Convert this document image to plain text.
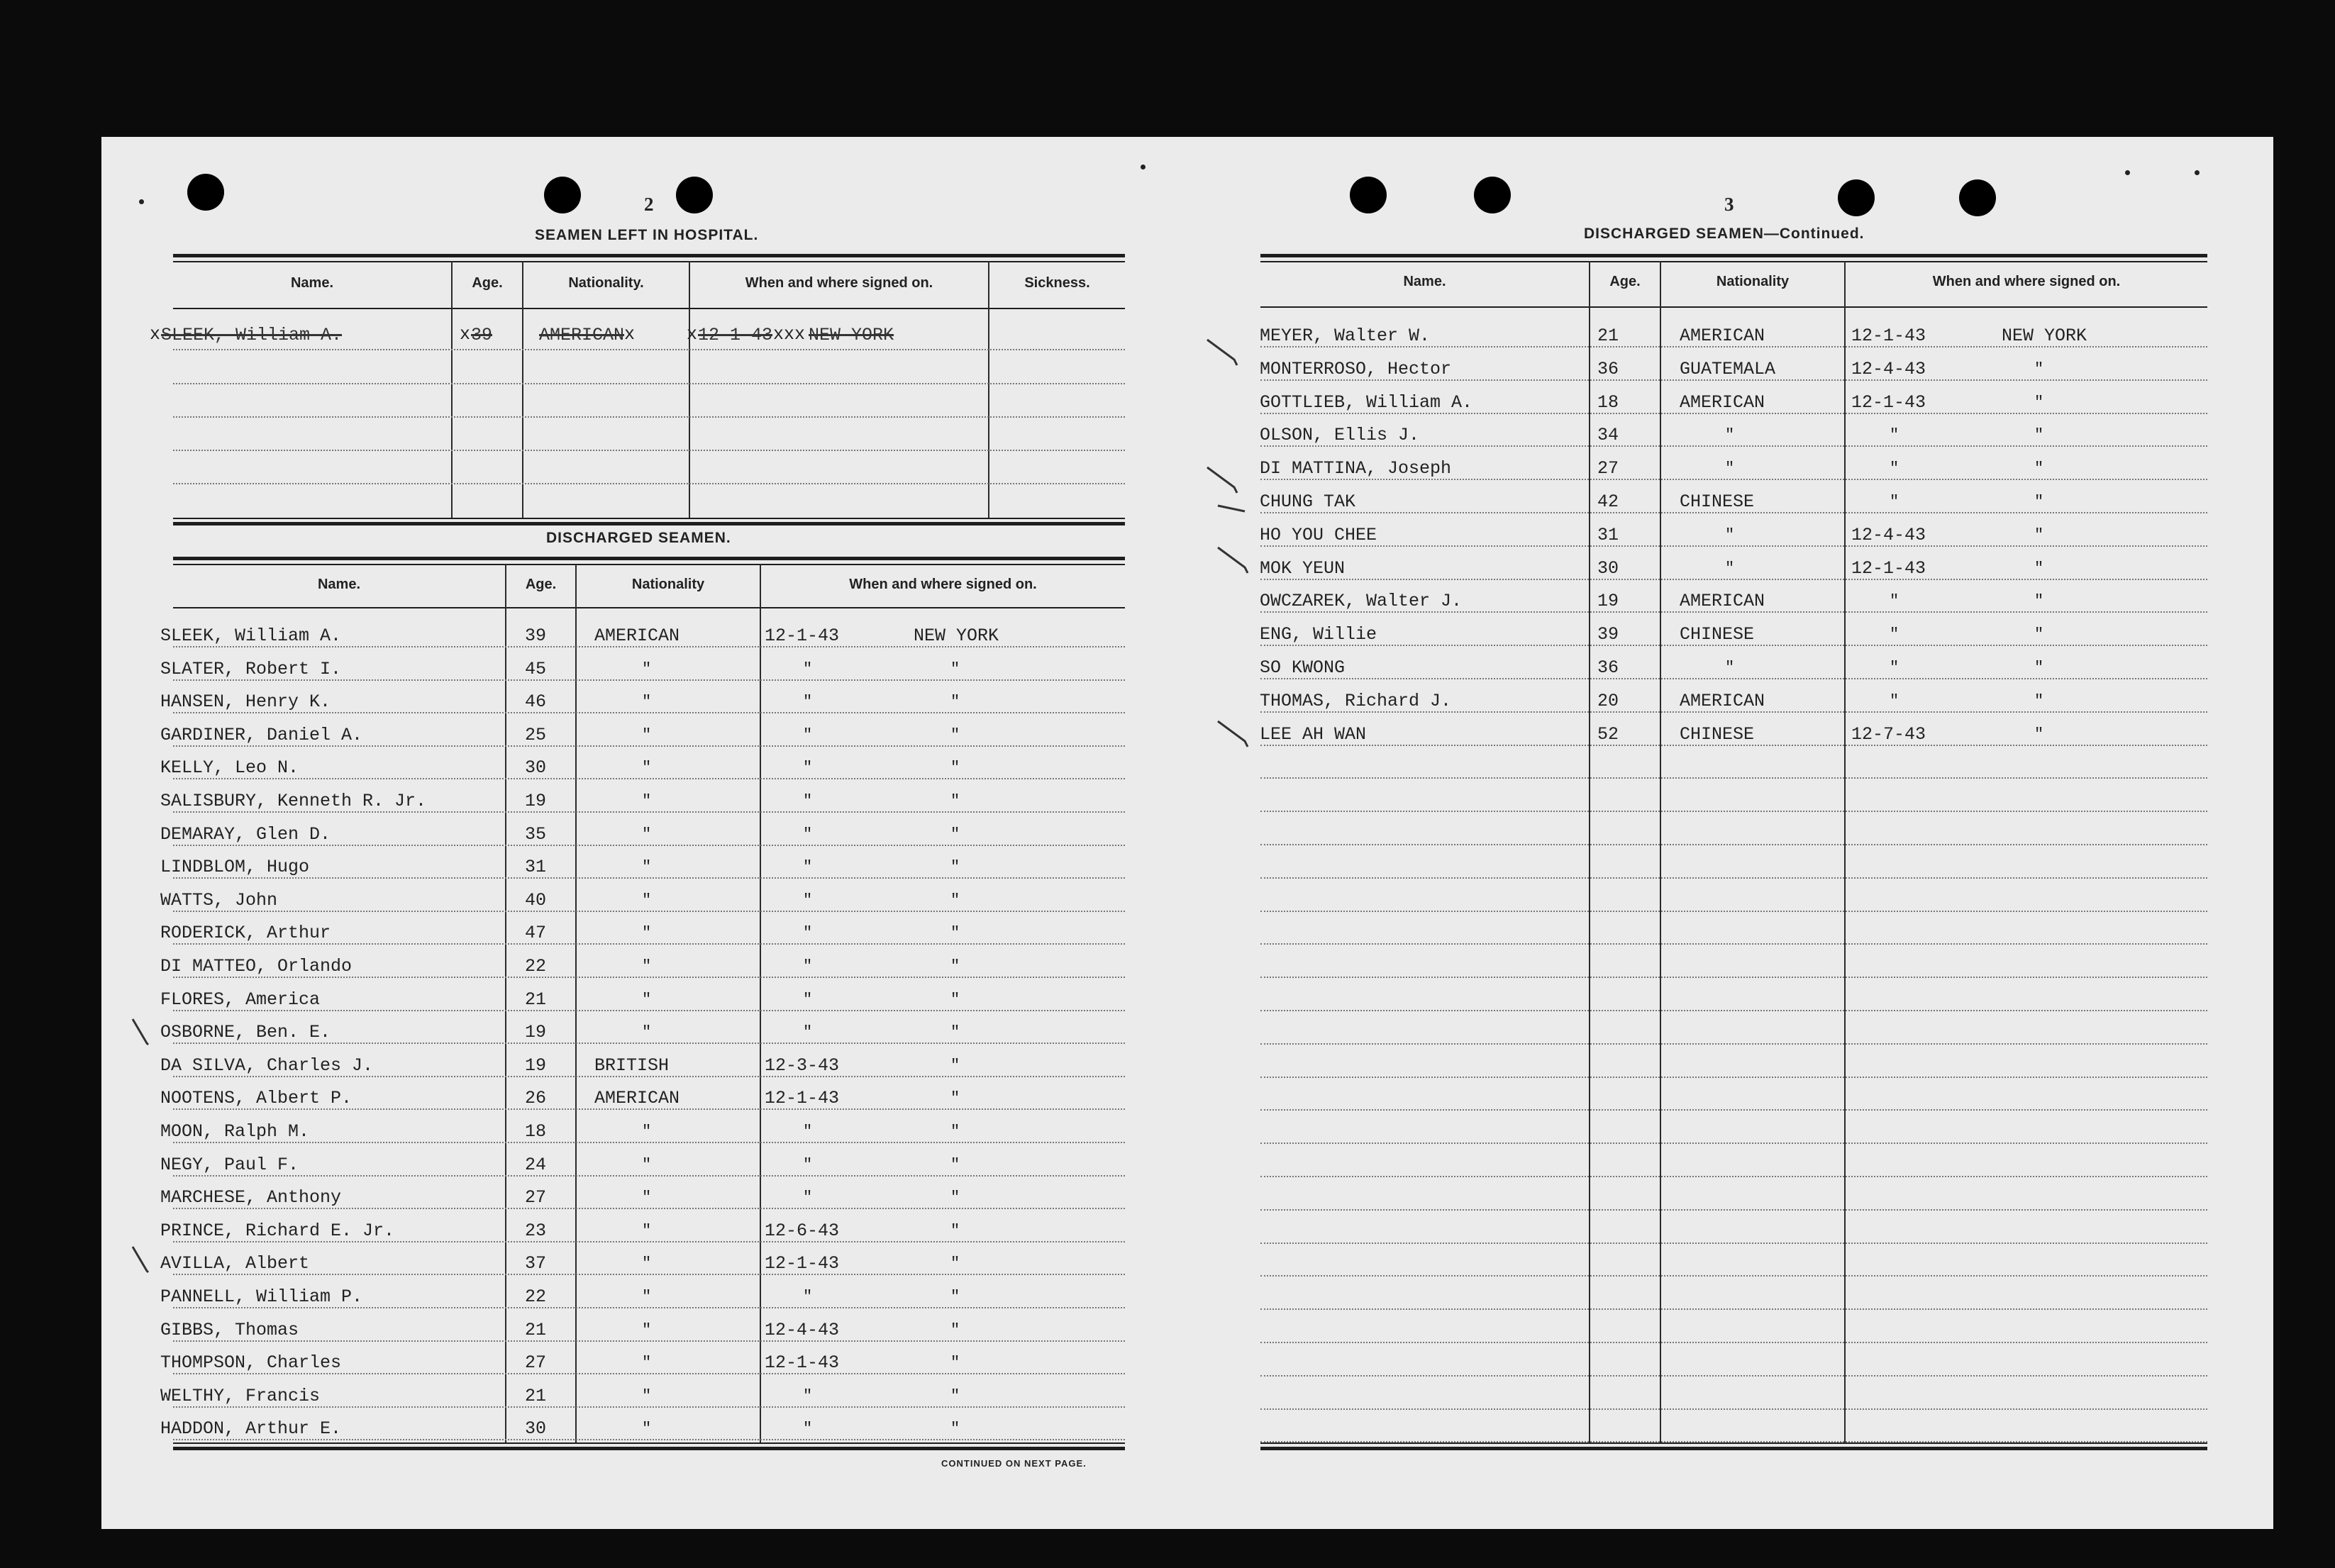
2
SEAMEN LEFT IN HOSPITAL.
Name.	Age.	Nationality.	When and where signed on.	Sickness.
x SLEEK, William A.	x 39	AMERICAN x	x 12-1-43 xxx NEW YORK
DISCHARGED SEAMEN.
Name.	Age.	Nationality	When and where signed on.
SLEEK, William A.	39	AMERICAN	12-1-43	NEW YORK
SLATER, Robert I.	45	"	"	"
HANSEN, Henry K.	46	"	"	"
GARDINER, Daniel A.	25	"	"	"
KELLY, Leo N.	30	"	"	"
SALISBURY, Kenneth R. Jr.	19	"	"	"
DEMARAY, Glen D.	35	"	"	"
LINDBLOM, Hugo	31	"	"	"
WATTS, John	40	"	"	"
RODERICK, Arthur	47	"	"	"
DI MATTEO, Orlando	22	"	"	"
FLORES, America	21	"	"	"
OSBORNE, Ben. E.	19	"	"	"
DA SILVA, Charles J.	19	BRITISH	12-3-43	"
NOOTENS, Albert P.	26	AMERICAN	12-1-43	"
MOON, Ralph M.	18	"	"	"
NEGY, Paul F.	24	"	"	"
MARCHESE, Anthony	27	"	"	"
PRINCE, Richard E. Jr.	23	"	12-6-43	"
AVILLA, Albert	37	"	12-1-43	"
PANNELL, William P.	22	"	"	"
GIBBS, Thomas	21	"	12-4-43	"
THOMPSON, Charles	27	"	12-1-43	"
WELTHY, Francis	21	"	"	"
HADDON, Arthur E.	30	"	"	"
CONTINUED ON NEXT PAGE.
3
DISCHARGED SEAMEN—Continued.
Name.	Age.	Nationality	When and where signed on.
MEYER, Walter W.	21	AMERICAN	12-1-43	NEW YORK
MONTERROSO, Hector	36	GUATEMALA	12-4-43	"
GOTTLIEB, William A.	18	AMERICAN	12-1-43	"
OLSON, Ellis J.	34	"	"	"
DI MATTINA, Joseph	27	"	"	"
CHUNG TAK	42	CHINESE	"	"
HO YOU CHEE	31	"	12-4-43	"
MOK YEUN	30	"	12-1-43	"
OWCZAREK, Walter J.	19	AMERICAN	"	"
ENG, Willie	39	CHINESE	"	"
SO KWONG	36	"	"	"
THOMAS, Richard J.	20	AMERICAN	"	"
LEE AH WAN	52	CHINESE	12-7-43	"
